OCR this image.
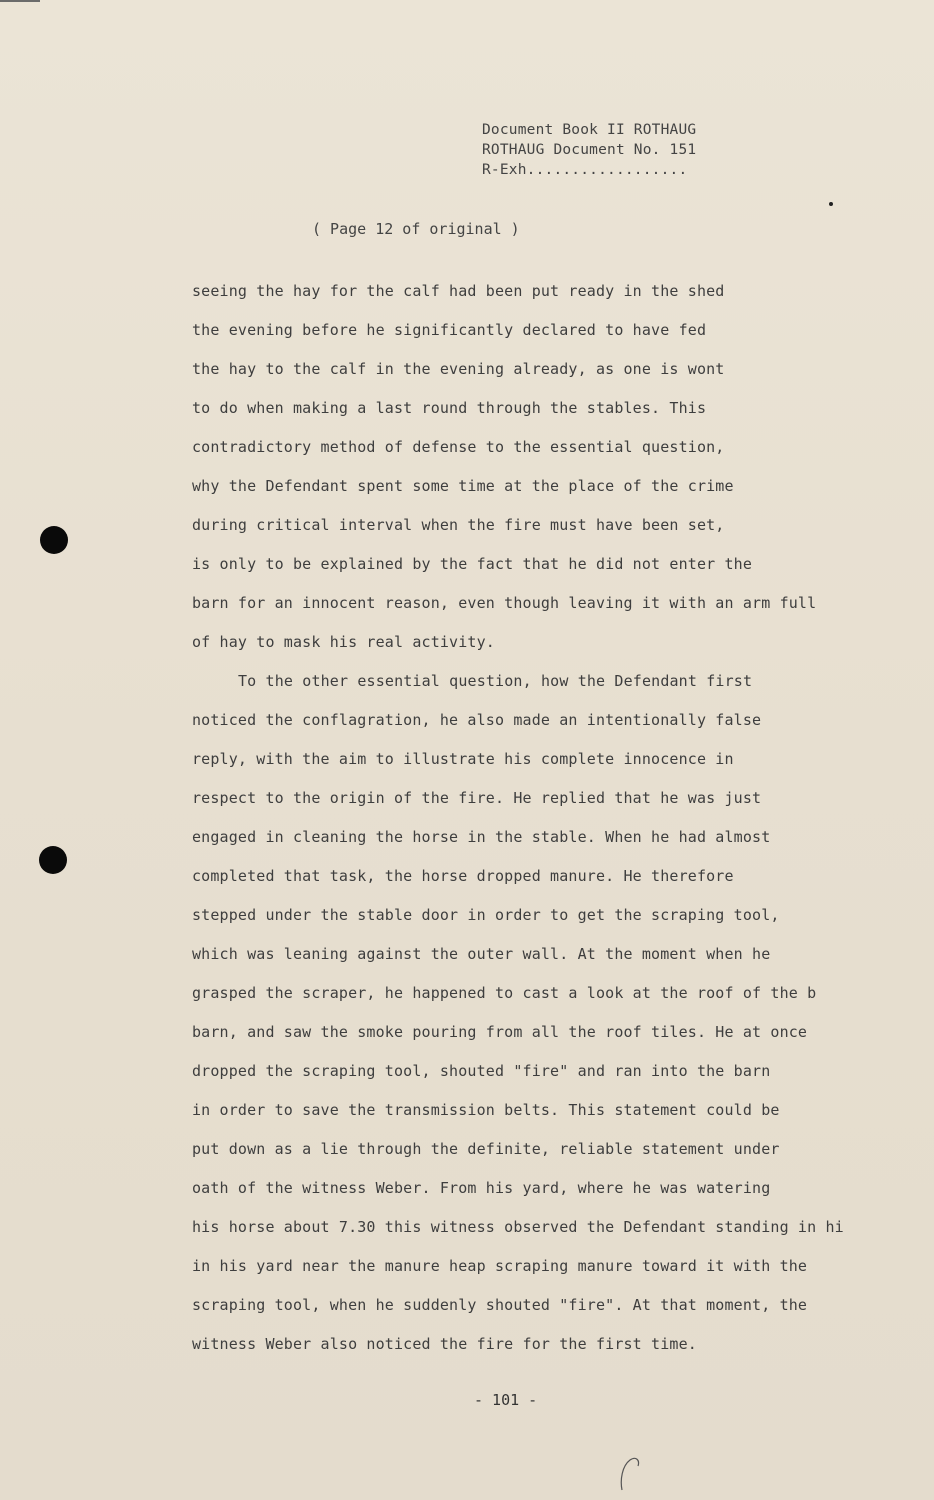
Document Book II ROTHAUG
ROTHAUG Document No. 151
R-Exh..................
( Page 12 of original )
seeing the hay for the calf had been put ready in the shed
the evening before he significantly declared to have fed
the hay to the calf in the evening already, as one is wont
to do when making a last round through the stables. This
contradictory method of defense to the essential question,
why the Defendant spent some time at the place of the crime
during critical interval when the fire must have been set,
is only to be explained by the fact that he did not enter the
barn for an innocent reason, even though leaving it with an arm full
of hay to mask his real activity.
To the other essential question, how the Defendant first
noticed the conflagration, he also made an intentionally false
reply, with the aim to illustrate his complete innocence in
respect to the origin of the fire. He replied that he was just
engaged in cleaning the horse in the stable. When he had almost
completed that task, the horse dropped manure. He therefore
stepped under the stable door in order to get the scraping tool,
which was leaning against the outer wall. At the moment when he
grasped the scraper, he happened to cast a look at the roof of the b
barn, and saw the smoke pouring from all the roof tiles. He at once
dropped the scraping tool, shouted "fire" and ran into the barn
in order to save the transmission belts. This statement could be
put down as a lie through the definite, reliable statement under
oath of the witness Weber. From his yard, where he was watering
his horse about 7.30 this witness observed the Defendant standing in hi
in his yard near the manure heap scraping manure toward it with the
scraping tool, when he suddenly shouted "fire". At that moment, the
witness Weber also noticed the fire for the first time.
- 101 -
